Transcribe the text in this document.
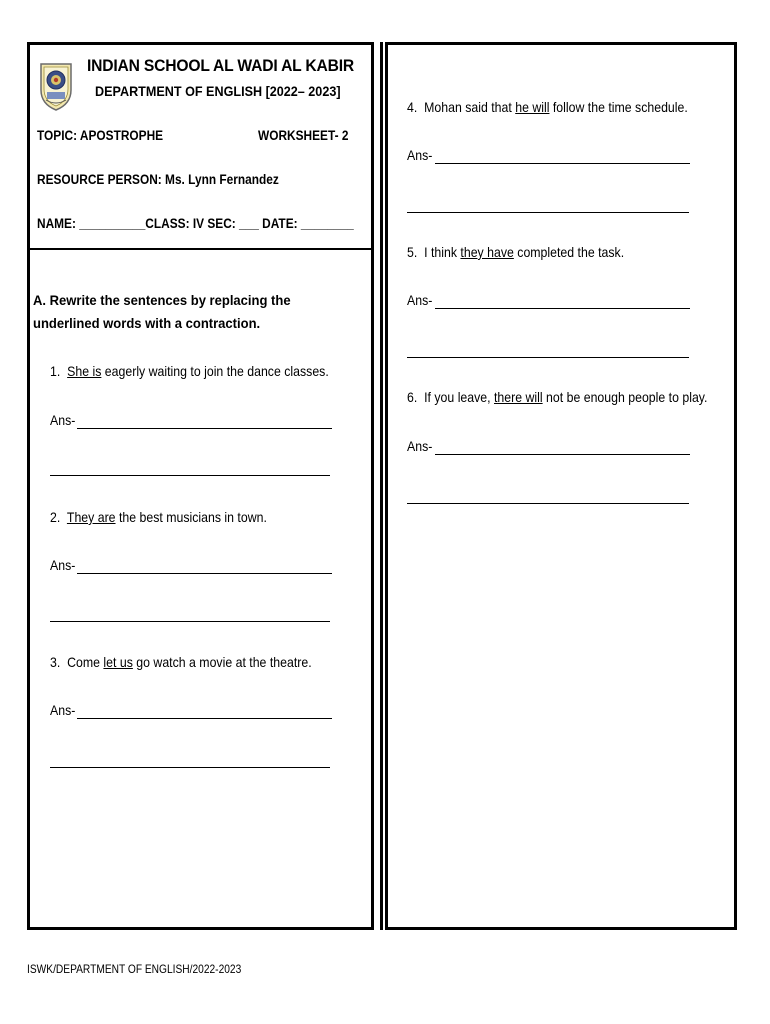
INDIAN SCHOOL AL WADI AL KABIR
DEPARTMENT OF ENGLISH [2022– 2023]
TOPIC: APOSTROPHE	WORKSHEET- 2
RESOURCE PERSON: Ms. Lynn Fernandez
NAME: __________CLASS: IV SEC: ___ DATE: ________
A. Rewrite the sentences by replacing the underlined words with a contraction.
1. She is eagerly waiting to join the dance classes.
Ans-
2. They are the best musicians in town.
Ans-
3. Come let us go watch a movie at the theatre.
Ans-
4. Mohan said that he will follow the time schedule.
Ans-
5. I think they have completed the task.
Ans-
6. If you leave, there will not be enough people to play.
Ans-
ISWK/DEPARTMENT OF ENGLISH/2022-2023
